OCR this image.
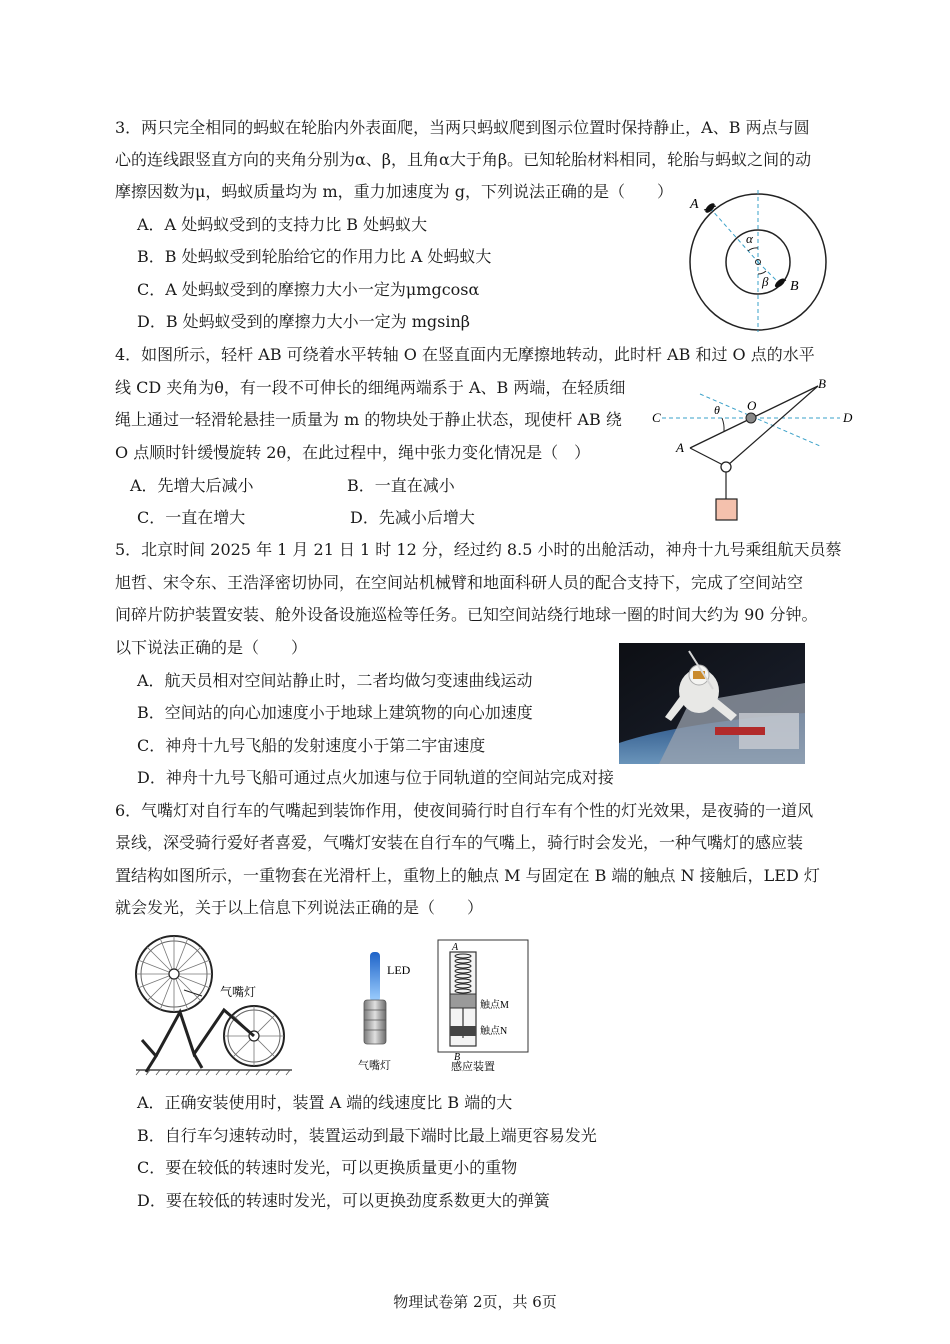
3．两只完全相同的蚂蚁在轮胎内外表面爬，当两只蚂蚁爬到图示位置时保持静止，A、B 两点与圆
心的连线跟竖直方向的夹角分别为α、β，且角α大于角β。已知轮胎材料相同，轮胎与蚂蚁之间的动
摩擦因数为μ，蚂蚁质量均为 m，重力加速度为 g，下列说法正确的是（　　）
A．A 处蚂蚁受到的支持力比 B 处蚂蚁大
B．B 处蚂蚁受到轮胎给它的作用力比 A 处蚂蚁大
C．A 处蚂蚁受到的摩擦力大小一定为μmgcosα
D．B 处蚂蚁受到的摩擦力大小一定为 mgsinβ
A
B
α
β
4．如图所示，轻杆 AB 可绕着水平转轴 O 在竖直面内无摩擦地转动，此时杆 AB 和过 O 点的水平
线 CD 夹角为θ，有一段不可伸长的细绳两端系于 A、B 两端，在轻质细
绳上通过一轻滑轮悬挂一质量为 m 的物块处于静止状态，现使杆 AB 绕
O 点顺时针缓慢旋转 2θ，在此过程中，绳中张力变化情况是（　）
A．先增大后减小	B．一直在减小
C．一直在增大	D．先减小后增大
C	D
O
B
A
θ
5．北京时间 2025 年 1 月 21 日 1 时 12 分，经过约 8.5 小时的出舱活动，神舟十九号乘组航天员蔡
旭哲、宋令东、王浩泽密切协同，在空间站机械臂和地面科研人员的配合支持下，完成了空间站空
间碎片防护装置安装、舱外设备设施巡检等任务。已知空间站绕行地球一圈的时间大约为 90 分钟。
以下说法正确的是（　　）
A．航天员相对空间站静止时，二者均做匀变速曲线运动
B．空间站的向心加速度小于地球上建筑物的向心加速度
C．神舟十九号飞船的发射速度小于第二宇宙速度
D．神舟十九号飞船可通过点火加速与位于同轨道的空间站完成对接
6．气嘴灯对自行车的气嘴起到装饰作用，使夜间骑行时自行车有个性的灯光效果，是夜骑的一道风
景线，深受骑行爱好者喜爱，气嘴灯安装在自行车的气嘴上，骑行时会发光，一种气嘴灯的感应装
置结构如图所示，一重物套在光滑杆上，重物上的触点 M 与固定在 B 端的触点 N 接触后，LED 灯
就会发光，关于以上信息下列说法正确的是（　　）
气嘴灯
LED
气嘴灯
A
B
触点M
触点N
感应装置
A．正确安装使用时，装置 A 端的线速度比 B 端的大
B．自行车匀速转动时，装置运动到最下端时比最上端更容易发光
C．要在较低的转速时发光，可以更换质量更小的重物
D．要在较低的转速时发光，可以更换劲度系数更大的弹簧
物理试卷第 2页，共 6页
